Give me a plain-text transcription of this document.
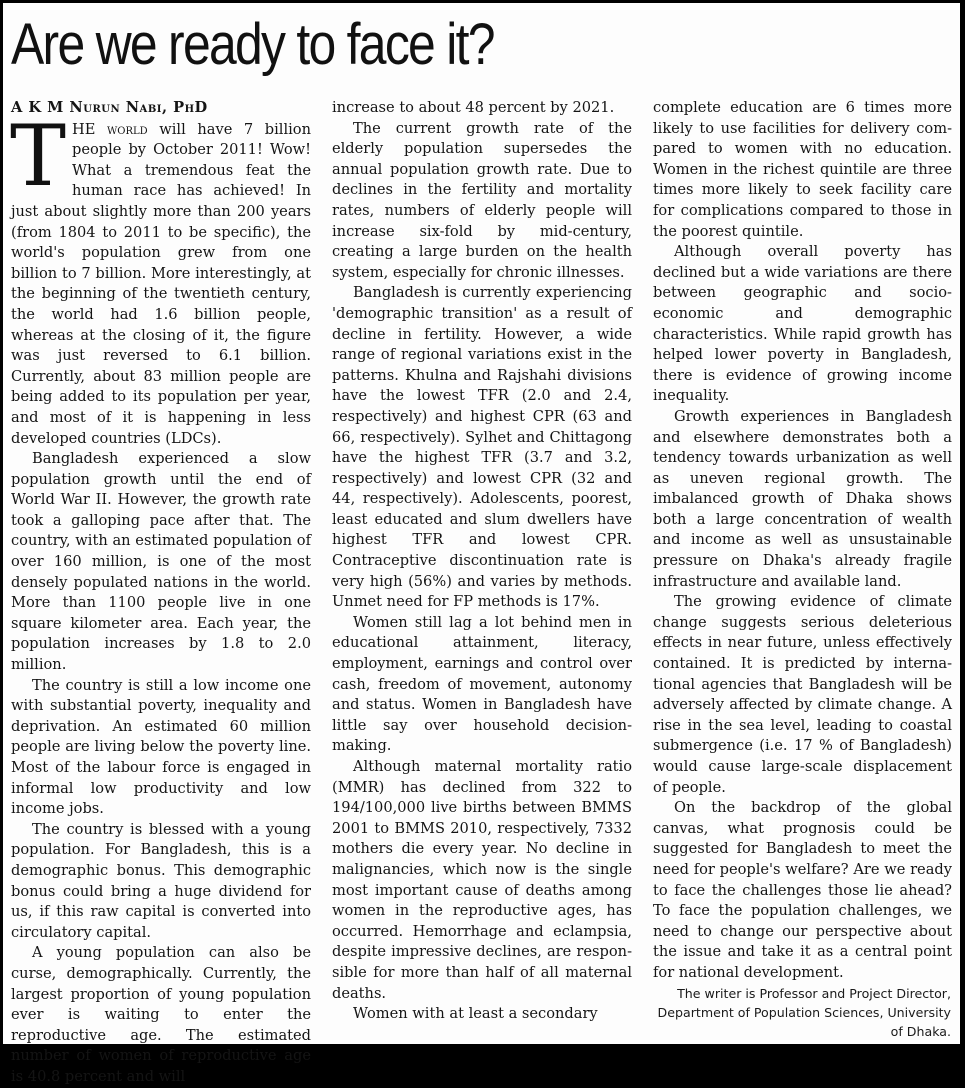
Are we ready to face it?
A K M Nurun Nabi, PhD

THE world will have 7 billion people by October 2011! Wow! What a tremendous feat the human race has achieved! In just about slightly more than 200 years (from 1804 to 2011 to be specific), the world's population grew from one billion to 7 billion. More interestingly, at the beginning of the twentieth century, the world had 1.6 billion people, whereas at the closing of it, the figure was just reversed to 6.1 billion. Currently, about 83 million people are being added to its population per year, and most of it is happening in less developed countries (LDCs).

Bangladesh experienced a slow population growth until the end of World War II. However, the growth rate took a galloping pace after that. The country, with an estimated population of over 160 million, is one of the most densely populated nations in the world. More than 1100 people live in one square kilometer area. Each year, the population increases by 1.8 to 2.0 million.

The country is still a low income one with substantial poverty, inequality and deprivation. An estimated 60 million people are living below the poverty line. Most of the labour force is engaged in informal low productivity and low income jobs.

The country is blessed with a young population. For Bangladesh, this is a demographic bonus. This demographic bonus could bring a huge dividend for us, if this raw capital is converted into circulatory capital.

A young population can also be curse, demographically. Currently, the largest proportion of young population ever is waiting to enter the reproductive age. The estimated number of women of reproductive age is 40.8 percent and will

increase to about 48 percent by 2021.

The current growth rate of the elderly population supersedes the annual population growth rate. Due to declines in the fertility and mortality rates, numbers of elderly people will increase six-fold by mid-century, creating a large burden on the health system, especially for chronic illnesses.

Bangladesh is currently experiencing 'demographic transition' as a result of decline in fertility. However, a wide range of regional variations exist in the patterns. Khulna and Rajshahi divisions have the lowest TFR (2.0 and 2.4, respectively) and highest CPR (63 and 66, respectively). Sylhet and Chittagong have the highest TFR (3.7 and 3.2, respectively) and lowest CPR (32 and 44, respectively). Adolescents, poorest, least educated and slum dwellers have highest TFR and lowest CPR. Contraceptive discontinuation rate is very high (56%) and varies by methods. Unmet need for FP methods is 17%.

Women still lag a lot behind men in educational attainment, literacy, employment, earnings and control over cash, freedom of movement, autonomy and status. Women in Bangladesh have little say over household decision-making.

Although maternal mortality ratio (MMR) has declined from 322 to 194/100,000 live births between BMMS 2001 to BMMS 2010, respectively, 7332 mothers die every year. No decline in malignancies, which now is the single most important cause of deaths among women in the reproductive ages, has occurred. Hemorrhage and eclampsia, despite impressive declines, are responsible for more than half of all maternal deaths.

Women with at least a secondary

complete education are 6 times more likely to use facilities for delivery compared to women with no education. Women in the richest quintile are three times more likely to seek facility care for complications compared to those in the poorest quintile.

Although overall poverty has declined but a wide variations are there between geographic and socio-economic and demographic characteristics. While rapid growth has helped lower poverty in Bangladesh, there is evidence of growing income inequality.

Growth experiences in Bangladesh and elsewhere demonstrates both a tendency towards urbanization as well as uneven regional growth. The imbalanced growth of Dhaka shows both a large concentration of wealth and income as well as unsustainable pressure on Dhaka's already fragile infrastructure and available land.

The growing evidence of climate change suggests serious deleterious effects in near future, unless effectively contained. It is predicted by international agencies that Bangladesh will be adversely affected by climate change. A rise in the sea level, leading to coastal submergence (i.e. 17 % of Bangladesh) would cause large-scale displacement of people.

On the backdrop of the global canvas, what prognosis could be suggested for Bangladesh to meet the need for people's welfare? Are we ready to face the challenges those lie ahead? To face the population challenges, we need to change our perspective about the issue and take it as a central point for national development.

The writer is Professor and Project Director, Department of Population Sciences, University of Dhaka.
